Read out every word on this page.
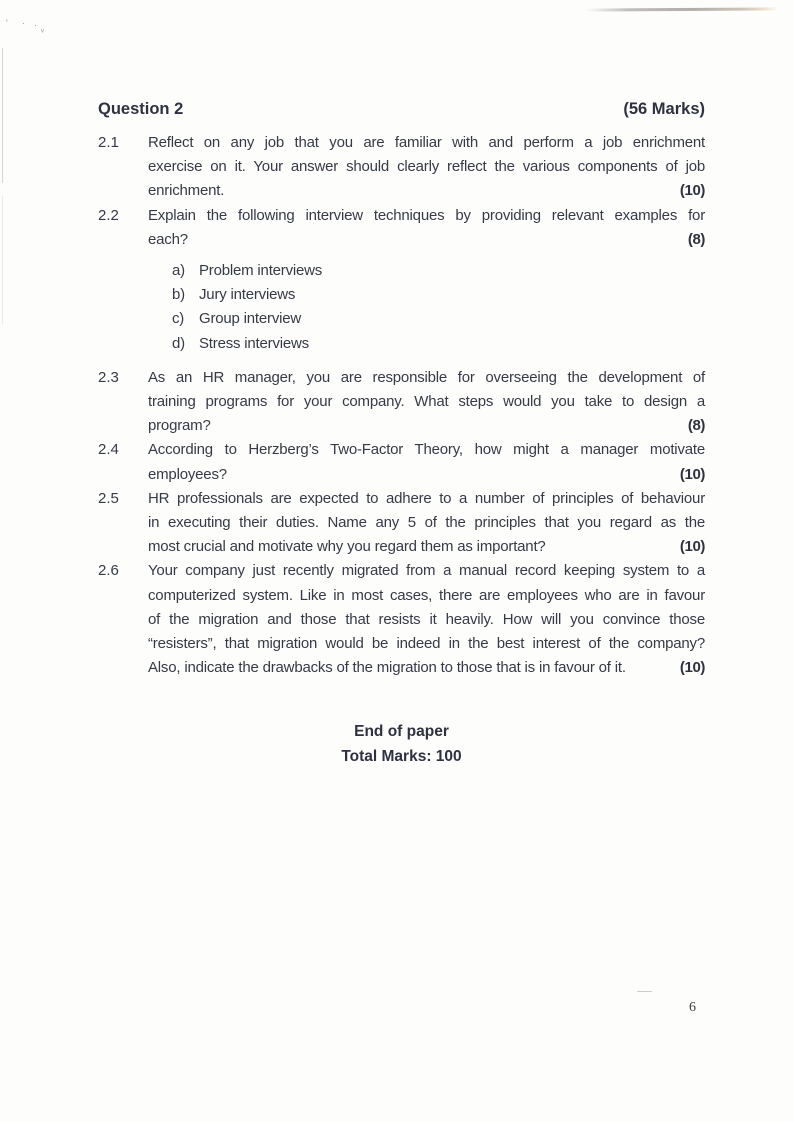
' · · ᵥ
Question 2	(56 Marks)
2.1	Reflect on any job that you are familiar with and perform a job enrichment
exercise on it. Your answer should clearly reflect the various components of job
enrichment.	(10)
2.2	Explain the following interview techniques by providing relevant examples for
each?	(8)
a) Problem interviews
b) Jury interviews
c) Group interview
d) Stress interviews
2.3	As an HR manager, you are responsible for overseeing the development of
training programs for your company. What steps would you take to design a
program?	(8)
2.4	According to Herzberg’s Two-Factor Theory, how might a manager motivate
employees?	(10)
2.5	HR professionals are expected to adhere to a number of principles of behaviour
in executing their duties. Name any 5 of the principles that you regard as the
most crucial and motivate why you regard them as important?	(10)
2.6	Your company just recently migrated from a manual record keeping system to a
computerized system. Like in most cases, there are employees who are in favour
of the migration and those that resists it heavily. How will you convince those
“resisters”, that migration would be indeed in the best interest of the company?
Also, indicate the drawbacks of the migration to those that is in favour of it.	(10)
End of paper
Total Marks: 100
6
